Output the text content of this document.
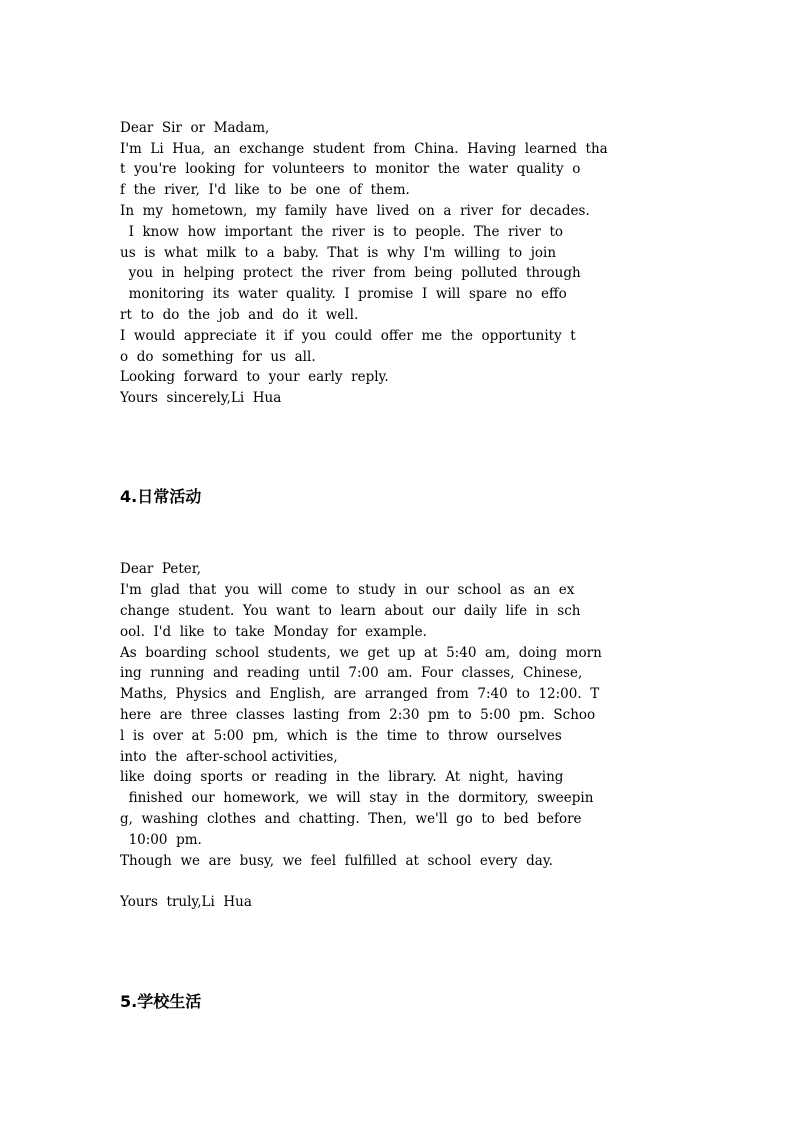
Dear  Sir  or  Madam,

I'm  Li  Hua,  an  exchange  student  from  China.  Having  learned  tha

t  you're  looking  for  volunteers  to  monitor  the  water  quality  o

f  the  river,  I'd  like  to  be  one  of  them.

In  my  hometown,  my  family  have  lived  on  a  river  for  decades.

I  know  how  important  the  river  is  to  people.  The  river  to

us  is  what  milk  to  a  baby.  That  is  why  I'm  willing  to  join

you  in  helping  protect  the  river  from  being  polluted  through

monitoring  its  water  quality.  I  promise  I  will  spare  no  effo

rt  to  do  the  job  and  do  it  well.

I  would  appreciate  it  if  you  could  offer  me  the  opportunity  t

o  do  something  for  us  all.

Looking  forward  to  your  early  reply.

Yours  sincerely,Li  Hua

4.日常活动

Dear  Peter,

I'm  glad  that  you  will  come  to  study  in  our  school  as  an  ex

change  student.  You  want  to  learn  about  our  daily  life  in  sch

ool.  I'd  like  to  take  Monday  for  example.

As  boarding  school  students,  we  get  up  at  5:40  am,  doing  morn

ing  running  and  reading  until  7:00  am.  Four  classes,  Chinese,

Maths,  Physics  and  English,  are  arranged  from  7:40  to  12:00.  T

here  are  three  classes  lasting  from  2:30  pm  to  5:00  pm.  Schoo

l  is  over  at  5:00  pm,  which  is  the  time  to  throw  ourselves

into  the  after-school activities,

like  doing  sports  or  reading  in  the  library.  At  night,  having

finished  our  homework,  we  will  stay  in  the  dormitory,  sweepin

g,  washing  clothes  and  chatting.  Then,  we'll  go  to  bed  before

10:00  pm.

Though  we  are  busy,  we  feel  fulfilled  at  school  every  day.

Yours  truly,Li  Hua

5.学校生活
